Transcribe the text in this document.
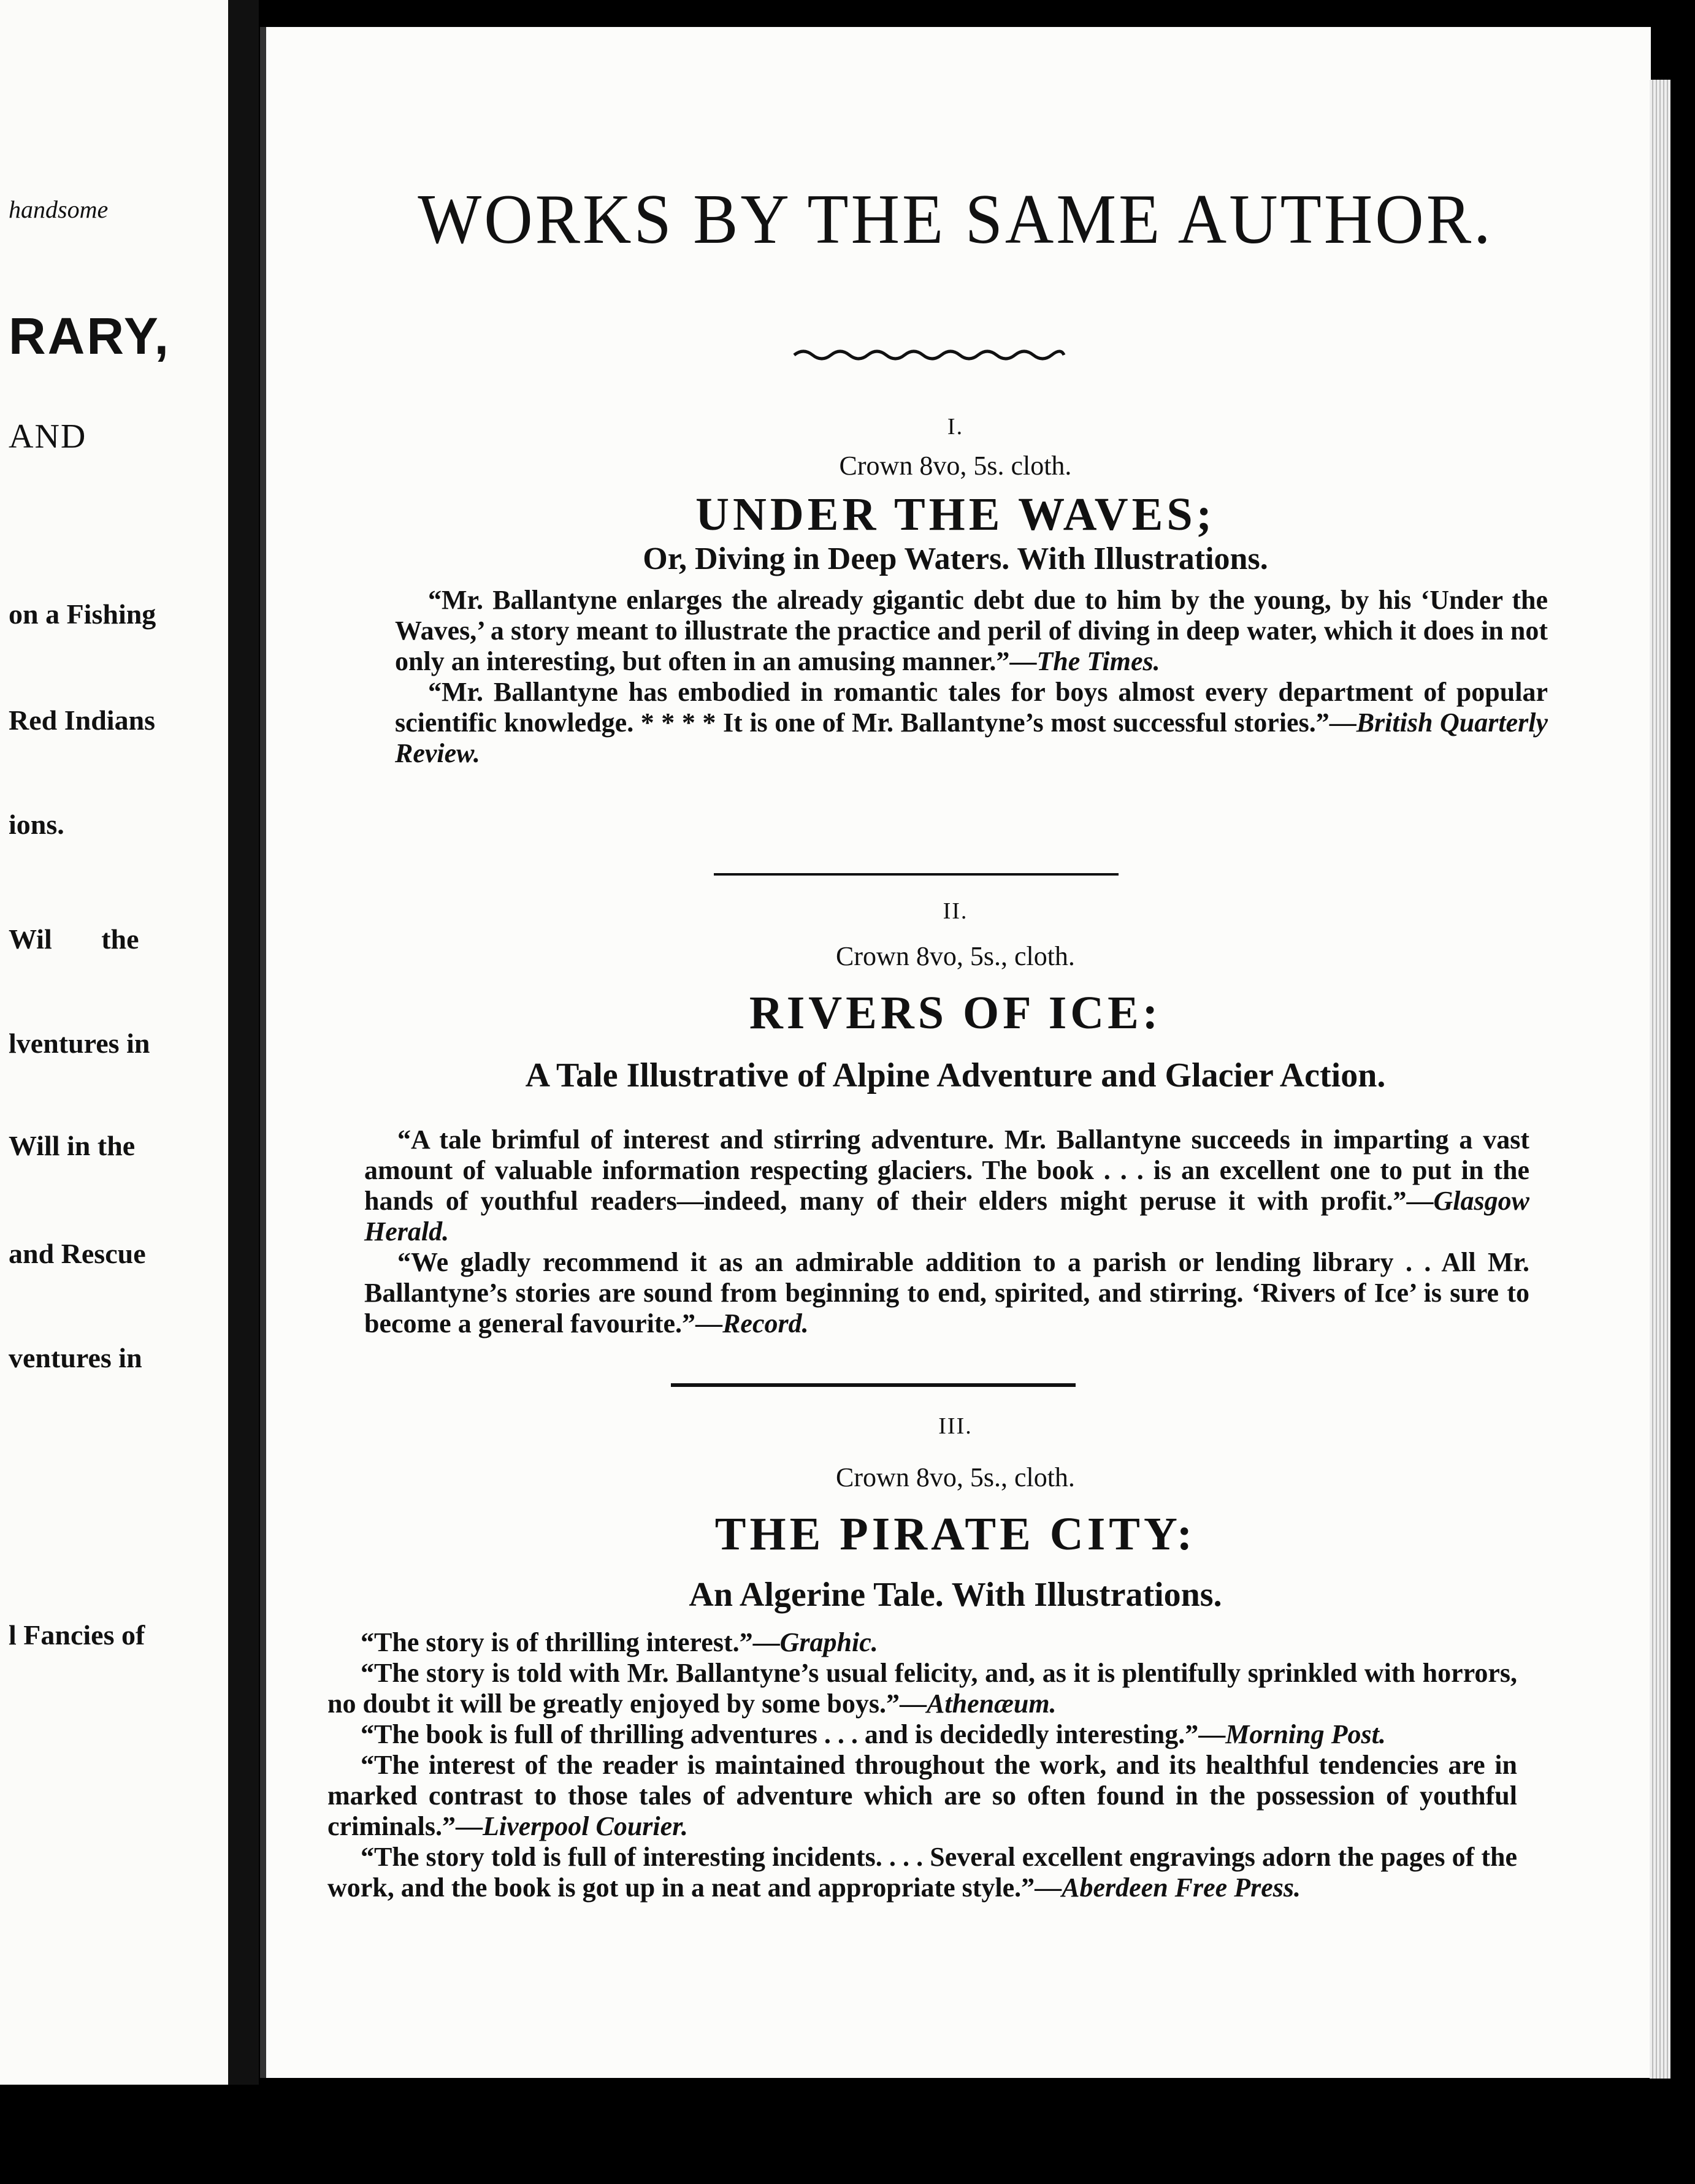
handsome
RARY,
AND
on a Fishing
Red Indians
ions.
Wil       the
lventures in
Will in the
and Rescue
ventures in
l Fancies of
WORKS BY THE SAME AUTHOR.
I.
Crown 8vo, 5s. cloth.
UNDER THE WAVES;
Or, Diving in Deep Waters. With Illustrations.

“Mr. Ballantyne enlarges the already gigantic debt due to him by the young, by his ‘Under the Waves,’ a story meant to illustrate the practice and peril of diving in deep water, which it does in not only an interesting, but often in an amusing manner.”—The Times.

“Mr. Ballantyne has embodied in romantic tales for boys almost every department of popular scientific knowledge. * * * * It is one of Mr. Ballantyne’s most successful stories.”—British Quarterly Review.

II.
Crown 8vo, 5s., cloth.
RIVERS OF ICE:
A Tale Illustrative of Alpine Adventure and Glacier Action.

“A tale brimful of interest and stirring adventure. Mr. Ballantyne succeeds in imparting a vast amount of valuable information respecting glaciers. The book . . . is an excellent one to put in the hands of youthful readers—indeed, many of their elders might peruse it with profit.”—Glasgow Herald.

“We gladly recommend it as an admirable addition to a parish or lending library . . All Mr. Ballantyne’s stories are sound from beginning to end, spirited, and stirring. ‘Rivers of Ice’ is sure to become a general favourite.”—Record.

III.
Crown 8vo, 5s., cloth.
THE PIRATE CITY:
An Algerine Tale. With Illustrations.

“The story is of thrilling interest.”—Graphic.

“The story is told with Mr. Ballantyne’s usual felicity, and, as it is plentifully sprinkled with horrors, no doubt it will be greatly enjoyed by some boys.”—Athenæum.

“The book is full of thrilling adventures . . . and is decidedly interesting.”—Morning Post.

“The interest of the reader is maintained throughout the work, and its healthful tendencies are in marked contrast to those tales of adventure which are so often found in the possession of youthful criminals.”—Liverpool Courier.

“The story told is full of interesting incidents. . . . Several excellent engravings adorn the pages of the work, and the book is got up in a neat and appropriate style.”—Aberdeen Free Press.
